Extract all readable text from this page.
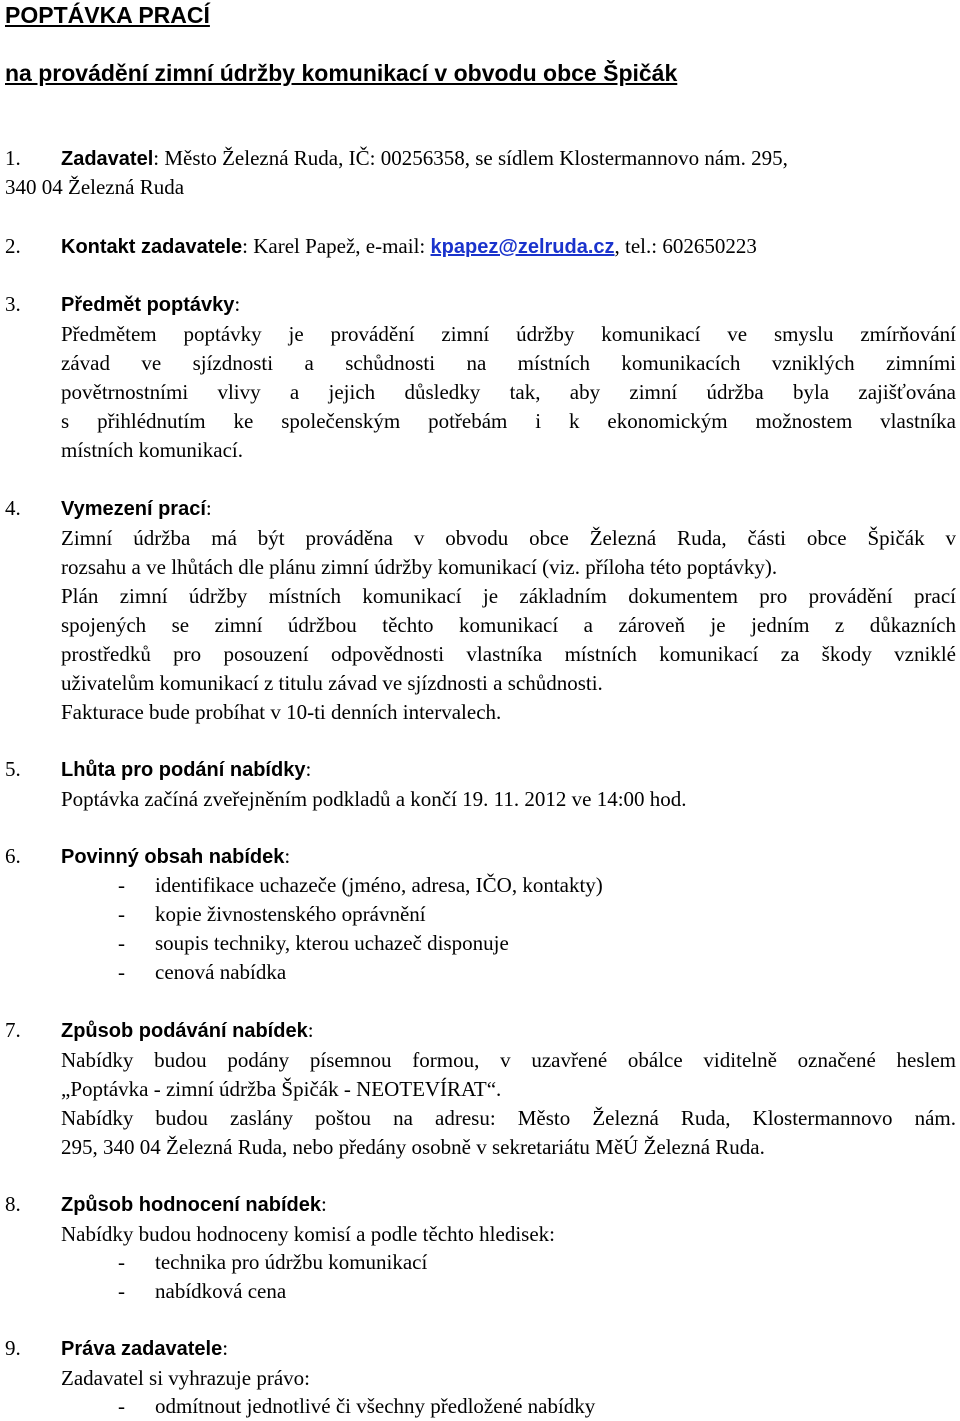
POPTÁVKA PRACÍ
na provádění zimní údržby komunikací v obvodu obce Špičák
1. Zadavatel: Město Železná Ruda, IČ: 00256358, se sídlem Klostermannovo nám. 295,
340 04 Železná Ruda
2. Kontakt zadavatele: Karel Papež, e-mail: kpapez@zelruda.cz, tel.: 602650223
3. Předmět poptávky:
Předmětem poptávky je provádění zimní údržby komunikací ve smyslu zmírňování
závad ve sjízdnosti a schůdnosti na místních komunikacích vzniklých zimními
povětrnostními vlivy a jejich důsledky tak, aby zimní údržba byla zajišťována
s přihlédnutím ke společenským potřebám i k ekonomickým možnostem vlastníka
místních komunikací.
4. Vymezení prací:
Zimní údržba má být prováděna v obvodu obce Železná Ruda, části obce Špičák v
rozsahu a ve lhůtách dle plánu zimní údržby komunikací (viz. příloha této poptávky).
Plán zimní údržby místních komunikací je základním dokumentem pro provádění prací
spojených se zimní údržbou těchto komunikací a zároveň je jedním z důkazních
prostředků pro posouzení odpovědnosti vlastníka místních komunikací za škody vzniklé
uživatelům komunikací z titulu závad ve sjízdnosti a schůdnosti.
Fakturace bude probíhat v 10-ti denních intervalech.
5. Lhůta pro podání nabídky:
Poptávka začíná zveřejněním podkladů a končí 19. 11. 2012 ve 14:00 hod.
6. Povinný obsah nabídek:
- identifikace uchazeče (jméno, adresa, IČO, kontakty)
- kopie živnostenského oprávnění
- soupis techniky, kterou uchazeč disponuje
- cenová nabídka
7. Způsob podávání nabídek:
Nabídky budou podány písemnou formou, v uzavřené obálce viditelně označené heslem
„Poptávka - zimní údržba Špičák - NEOTEVÍRAT“.
Nabídky budou zaslány poštou na adresu: Město Železná Ruda, Klostermannovo nám.
295, 340 04 Železná Ruda, nebo předány osobně v sekretariátu MěÚ Železná Ruda.
8. Způsob hodnocení nabídek:
Nabídky budou hodnoceny komisí a podle těchto hledisek:
- technika pro údržbu komunikací
- nabídková cena
9. Práva zadavatele:
Zadavatel si vyhrazuje právo:
- odmítnout jednotlivé či všechny předložené nabídky
